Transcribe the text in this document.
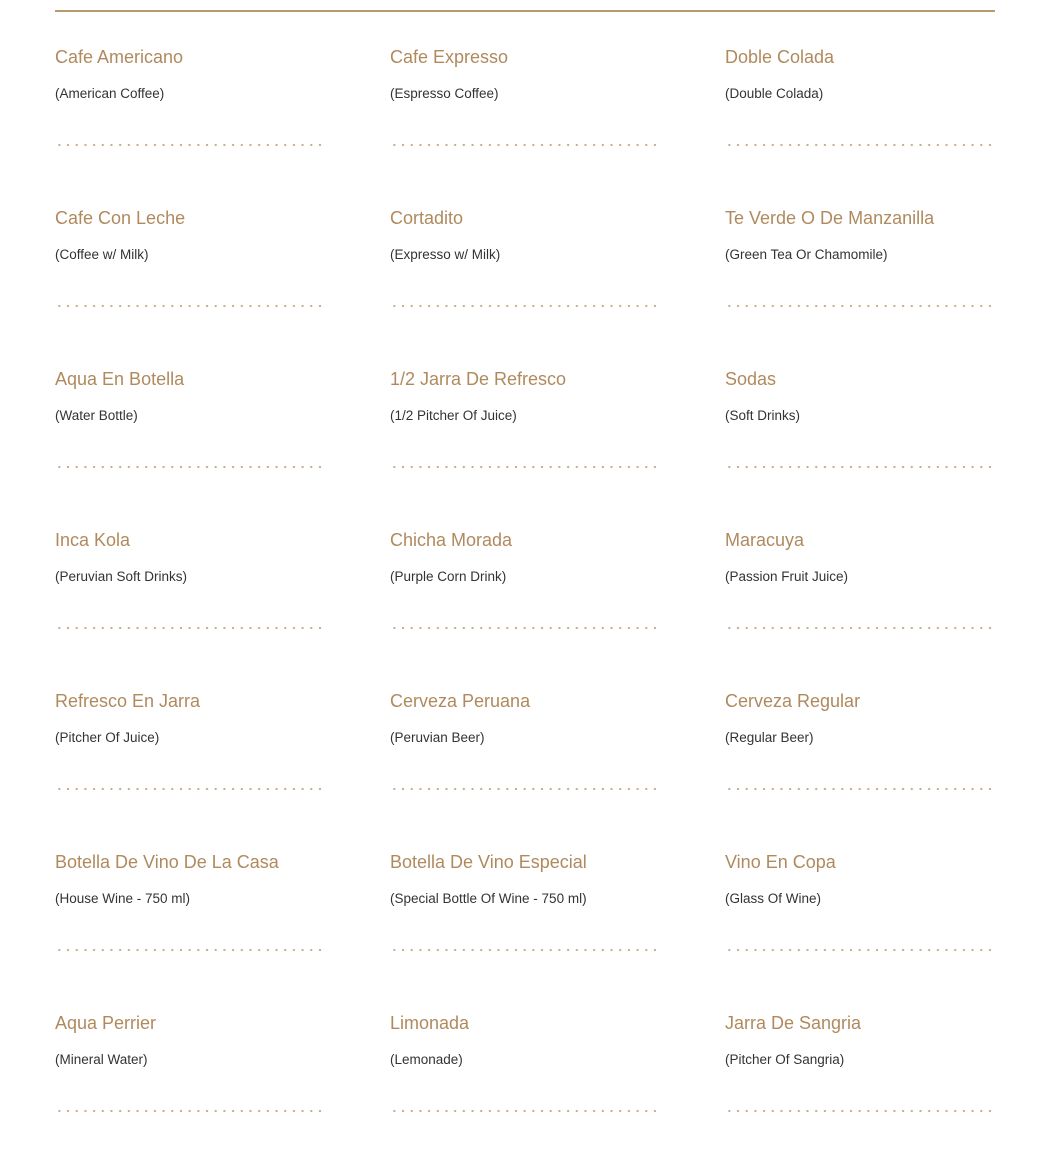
Cafe Americano
(American Coffee)
Cafe Expresso
(Espresso Coffee)
Doble Colada
(Double Colada)
Cafe Con Leche
(Coffee w/ Milk)
Cortadito
(Expresso w/ Milk)
Te Verde O De Manzanilla
(Green Tea Or Chamomile)
Aqua En Botella
(Water Bottle)
1/2 Jarra De Refresco
(1/2 Pitcher Of Juice)
Sodas
(Soft Drinks)
Inca Kola
(Peruvian Soft Drinks)
Chicha Morada
(Purple Corn Drink)
Maracuya
(Passion Fruit Juice)
Refresco En Jarra
(Pitcher Of Juice)
Cerveza Peruana
(Peruvian Beer)
Cerveza Regular
(Regular Beer)
Botella De Vino De La Casa
(House Wine - 750 ml)
Botella De Vino Especial
(Special Bottle Of Wine - 750 ml)
Vino En Copa
(Glass Of Wine)
Aqua Perrier
(Mineral Water)
Limonada
(Lemonade)
Jarra De Sangria
(Pitcher Of Sangria)
